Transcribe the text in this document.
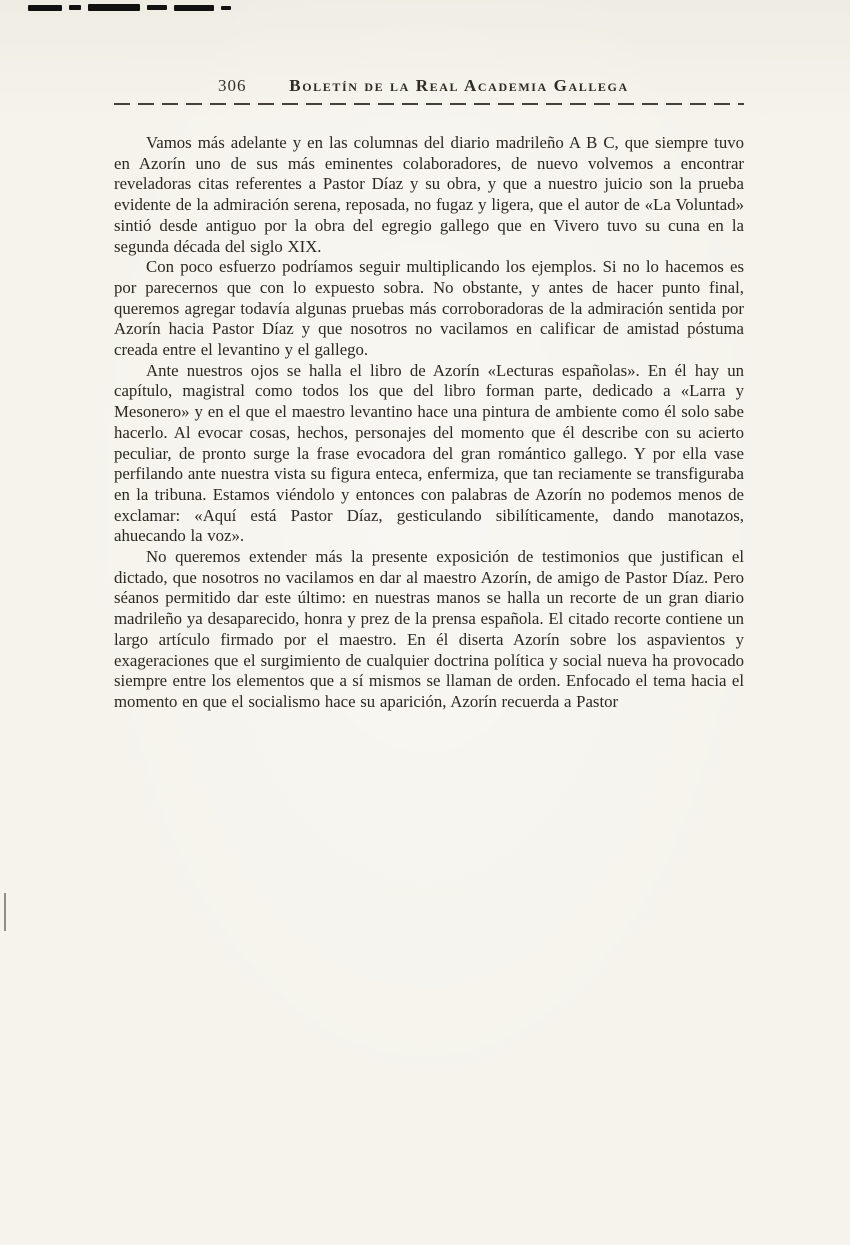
306	Boletín de la Real Academia Gallega

Vamos más adelante y en las columnas del diario madrileño A B C, que siempre tuvo en Azorín uno de sus más eminentes colaboradores, de nuevo volvemos a encontrar reveladoras citas referentes a Pastor Díaz y su obra, y que a nuestro juicio son la prueba evidente de la admiración serena, reposada, no fugaz y ligera, que el autor de «La Voluntad» sintió desde antiguo por la obra del egregio gallego que en Vivero tuvo su cuna en la segunda década del siglo XIX.

Con poco esfuerzo podríamos seguir multiplicando los ejemplos. Si no lo hacemos es por parecernos que con lo expuesto sobra. No obstante, y antes de hacer punto final, queremos agregar todavía algunas pruebas más corroboradoras de la admiración sentida por Azorín hacia Pastor Díaz y que nosotros no vacilamos en calificar de amistad póstuma creada entre el levantino y el gallego.

Ante nuestros ojos se halla el libro de Azorín «Lecturas españolas». En él hay un capítulo, magistral como todos los que del libro forman parte, dedicado a «Larra y Mesonero» y en el que el maestro levantino hace una pintura de ambiente como él solo sabe hacerlo. Al evocar cosas, hechos, personajes del momento que él describe con su acierto peculiar, de pronto surge la frase evocadora del gran romántico gallego. Y por ella vase perfilando ante nuestra vista su figura enteca, enfermiza, que tan reciamente se transfiguraba en la tribuna. Estamos viéndolo y entonces con palabras de Azorín no podemos menos de exclamar: «Aquí está Pastor Díaz, gesticulando sibilíticamente, dando manotazos, ahuecando la voz».

No queremos extender más la presente exposición de testimonios que justifican el dictado, que nosotros no vacilamos en dar al maestro Azorín, de amigo de Pastor Díaz. Pero séanos permitido dar este último: en nuestras manos se halla un recorte de un gran diario madrileño ya desaparecido, honra y prez de la prensa española. El citado recorte contiene un largo artículo firmado por el maestro. En él diserta Azorín sobre los aspavientos y exageraciones que el surgimiento de cualquier doctrina política y social nueva ha provocado siempre entre los elementos que a sí mismos se llaman de orden. Enfocado el tema hacia el momento en que el socialismo hace su aparición, Azorín recuerda a Pastor
